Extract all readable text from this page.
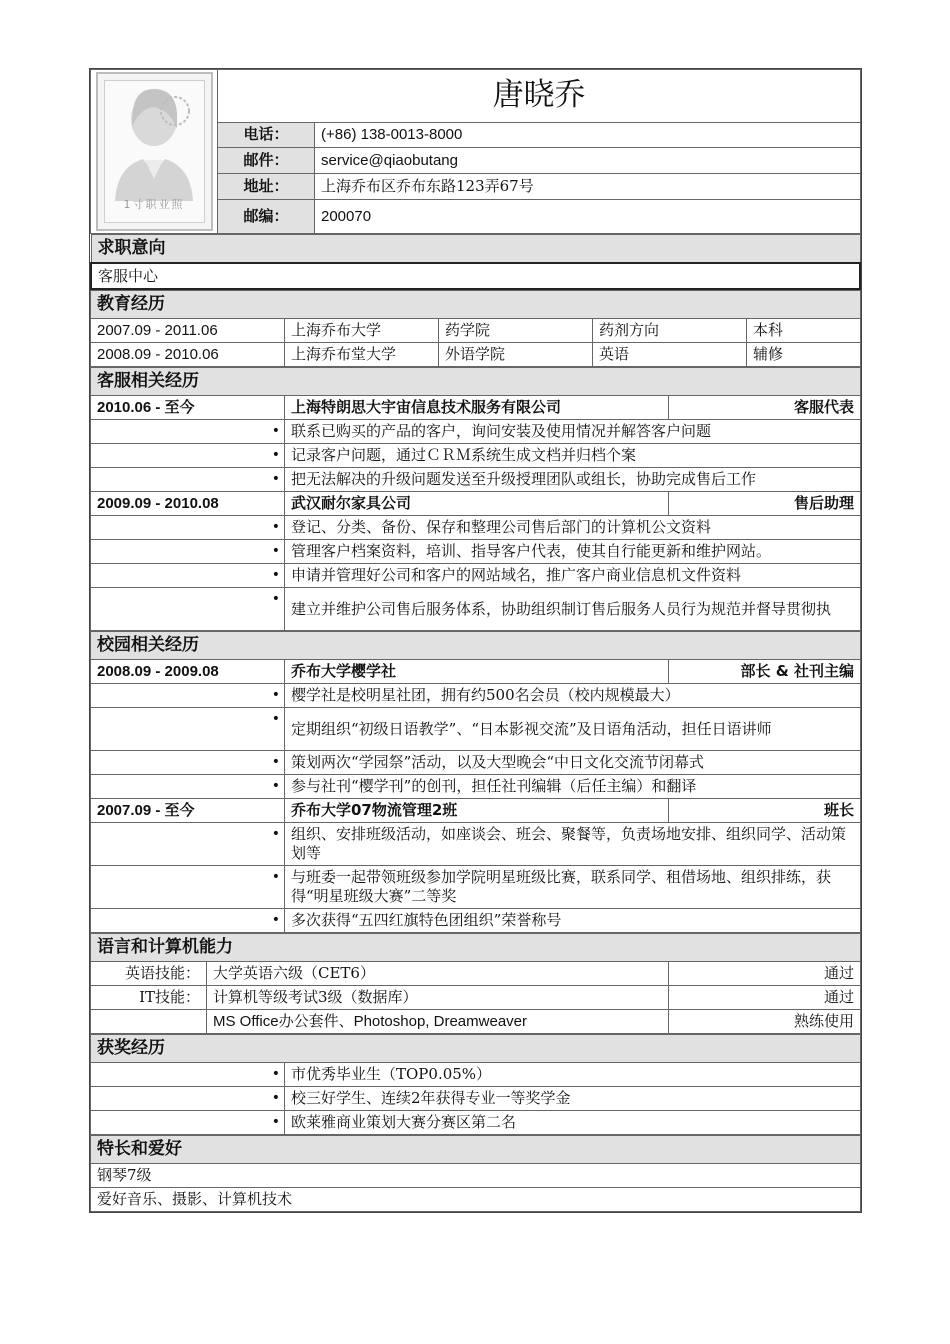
1寸职业照	唐晓乔	
	电话：	(+86) 138-0013-8000
	邮件：	service@qiaobutang
	地址：	上海乔布区乔布东路123弄67号
	邮编：	200070
求职意向
客服中心
教育经历				
2007.09 - 2011.06	上海乔布大学	药学院	药剂方向	本科
2008.09 - 2010.06	上海乔布堂大学	外语学院	英语	辅修
客服相关经历		
2010.06 - 至今	上海特朗思大宇宙信息技术服务有限公司	客服代表
•	联系已购买的产品的客户，询问安装及使用情况并解答客户问题	
•	记录客户问题，通过ＣＲＭ系统生成文档并归档个案	
•	把无法解决的升级问题发送至升级授理团队或组长，协助完成售后工作	
2009.09 - 2010.08	武汉耐尔家具公司	售后助理
•	登记、分类、备份、保存和整理公司售后部门的计算机公文资料	
•	管理客户档案资料，培训、指导客户代表，使其自行能更新和维护网站。	
•	申请并管理好公司和客户的网站域名，推广客户商业信息机文件资料	
•	建立并维护公司售后服务体系，协助组织制订售后服务人员行为规范并督导贯彻执	
校园相关经历		
2008.09 - 2009.08	乔布大学樱学社	部长 & 社刊主编
•	樱学社是校明星社团，拥有约500名会员（校内规模最大）	
•	定期组织“初级日语教学”、“日本影视交流”及日语角活动，担任日语讲师	
•	策划两次“学园祭”活动，以及大型晚会“中日文化交流节闭幕式	
•	参与社刊“樱学刊”的创刊，担任社刊编辑（后任主编）和翻译	
2007.09 - 至今	乔布大学07物流管理2班	班长
•	组织、安排班级活动，如座谈会、班会、聚餐等，负责场地安排、组织同学、活动策划等	
•	与班委一起带领班级参加学院明星班级比赛，联系同学、租借场地、组织排练，获得“明星班级大赛”二等奖	
•	多次获得“五四红旗特色团组织”荣誉称号	
语言和计算机能力		
英语技能：	大学英语六级（CET6）	通过
IT技能：	计算机等级考试3级（数据库）	通过
	MS Office办公套件、Photoshop, Dreamweaver	熟练使用
获奖经历	
•	市优秀毕业生（TOP0.05%）
•	校三好学生、连续2年获得专业一等奖学金
•	欧莱雅商业策划大赛分赛区第二名
特长和爱好
钢琴7级
爱好音乐、摄影、计算机技术
